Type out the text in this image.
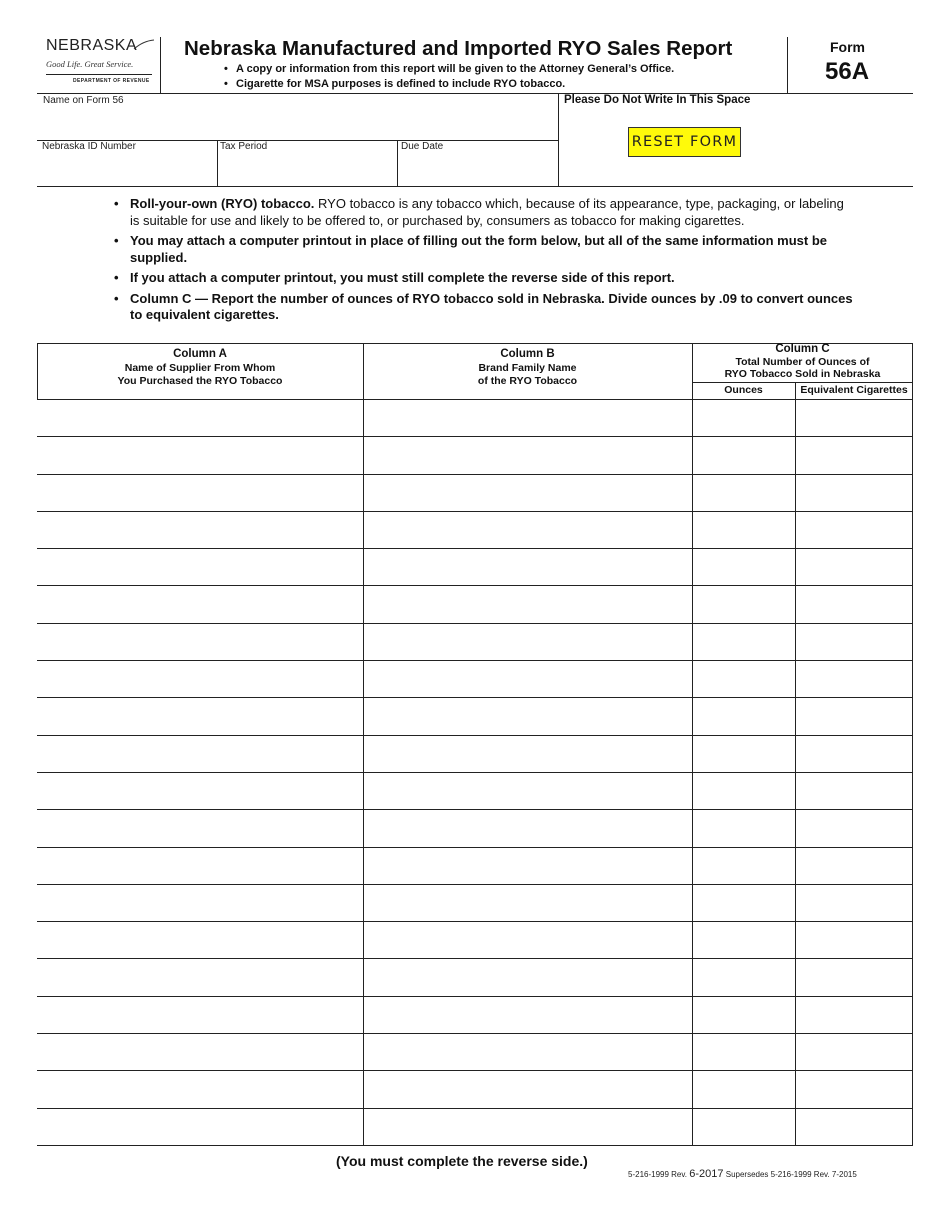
NEBRASKA
Good Life. Great Service.
DEPARTMENT OF REVENUE
Nebraska Manufactured and Imported RYO Sales Report
• A copy or information from this report will be given to the Attorney General’s Office.
• Cigarette for MSA purposes is defined to include RYO tobacco.
Form
56A
Name on Form 56	Please Do Not Write In This Space
RESET FORM
Nebraska ID Number	Tax Period	Due Date
• Roll-your-own (RYO) tobacco. RYO tobacco is any tobacco which, because of its appearance, type, packaging, or labeling is suitable for use and likely to be offered to, or purchased by, consumers as tobacco for making cigarettes.
• You may attach a computer printout in place of filling out the form below, but all of the same information must be supplied.
• If you attach a computer printout, you must still complete the reverse side of this report.
• Column C — Report the number of ounces of RYO tobacco sold in Nebraska. Divide ounces by .09 to convert ounces to equivalent cigarettes.
Column A
Name of Supplier From Whom
You Purchased the RYO Tobacco
Column B
Brand Family Name
of the RYO Tobacco
Column C
Total Number of Ounces of
RYO Tobacco Sold in Nebraska
Ounces	Equivalent Cigarettes
(You must complete the reverse side.)
5-216-1999 Rev. 6-2017 Supersedes 5-216-1999 Rev. 7-2015
